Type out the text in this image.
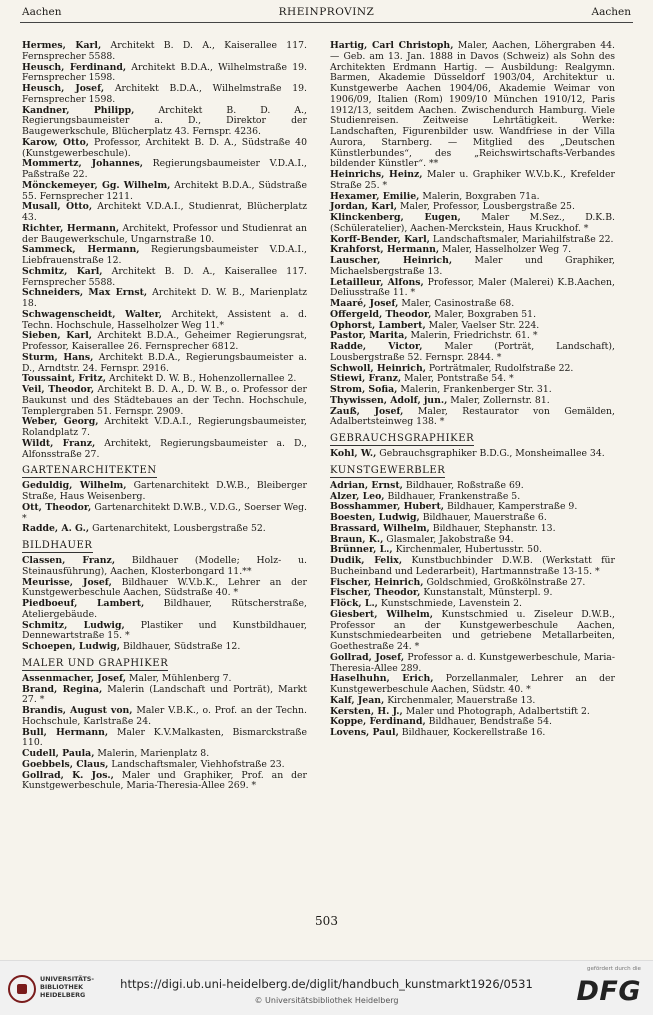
Aachen	RHEINPROVINZ	Aachen

Hermes, Karl, Architekt B. D. A., Kaiserallee 117. Fernsprecher 5588.

Heusch, Ferdinand, Architekt B.D.A., Wilhelmstraße 19. Fernsprecher 1598.

Heusch, Josef, Architekt B.D.A., Wilhelmstraße 19. Fernsprecher 1598.

Kandner, Philipp,	Architekt B. D. A., Regierungsbaumeister a. D., Direktor der Baugewerkschule, Blücherplatz 43. Fernspr. 4236.

Karow, Otto, Professor, Architekt B. D. A., Südstraße 40 (Kunstgewerbeschule).

Mommertz, Johannes, Regierungsbaumeister V.D.A.I., Paßstraße 22.

Mönckemeyer, Gg. Wilhelm, Architekt B.D.A., Südstraße 55. Fernsprecher 1211.

Musall, Otto, Architekt V.D.A.I., Studienrat, Blücherplatz 43.

Richter, Hermann, Architekt, Professor und Studienrat an der Baugewerkschule, Ungarnstraße 10.

Sammeck, Hermann, Regierungsbaumeister V.D.A.I., Liebfrauenstraße 12.

Schmitz, Karl, Architekt B. D. A., Kaiserallee 117. Fernsprecher 5588.

Schneiders, Max Ernst, Architekt D. W. B., Marienplatz 18.

Schwagenscheidt, Walter, Architekt, Assistent a. d. Techn. Hochschule, Hasselholzer Weg 11.*

Sieben, Karl, Architekt B.D.A., Geheimer Regierungsrat, Professor, Kaiserallee 26. Fernsprecher 6812.

Sturm, Hans, Architekt B.D.A., Regierungsbaumeister a. D., Arndtstr. 24. Fernspr. 2916.

Toussaint, Fritz, Architekt D. W. B., Hohenzollernallee 2.

Veil, Theodor, Architekt B. D. A., D. W. B., o. Professor der Baukunst und des Städtebaues an der Techn. Hochschule, Templergraben 51. Fernspr. 2909.

Weber, Georg, Architekt V.D.A.I., Regierungsbaumeister, Rolandplatz 7.

Wildt, Franz, Architekt, Regierungsbaumeister a. D., Alfonsstraße 27.

GARTENARCHITEKTEN

Geduldig, Wilhelm, Gartenarchitekt D.W.B., Bleiberger Straße, Haus Weisenberg.

Ott, Theodor, Gartenarchitekt D.W.B., V.D.G., Soerser Weg. *

Radde, A. G., Gartenarchitekt, Lousbergstraße 52.

BILDHAUER

Classen, Franz, Bildhauer (Modelle; Holz- u. Steinausführung), Aachen, Klosterbongard 11.**

Meurisse, Josef, Bildhauer W.V.b.K., Lehrer an der Kunstgewerbeschule Aachen, Südstraße 40. *

Piedboeuf, Lambert, Bildhauer, Rütscherstraße, Ateliergebäude.

Schmitz, Ludwig, Plastiker und Kunstbildhauer, Dennewartstraße 15. *

Schoepen, Ludwig, Bildhauer, Südstraße 12.

MALER UND GRAPHIKER

Assenmacher, Josef, Maler, Mühlenberg 7.

Brand, Regina, Malerin (Landschaft und Porträt), Markt 27. *

Brandis, August von, Maler V.B.K., o. Prof. an der Techn. Hochschule, Karlstraße 24.

Bull, Hermann, Maler K.V.Malkasten, Bismarckstraße 110.

Cudell, Paula, Malerin, Marienplatz 8.

Goebbels, Claus, Landschaftsmaler, Viehhofstraße 23.

Gollrad, K. Jos., Maler und Graphiker, Prof. an der Kunstgewerbeschule, Maria-Theresia-Allee 269. *

Hartig, Carl Christoph, Maler, Aachen, Löhergraben 44. — Geb. am 13. Jan. 1888 in Davos (Schweiz) als Sohn des Architekten Erdmann Hartig. — Ausbildung: Realgymn. Barmen, Akademie Düsseldorf 1903/04, Architektur u. Kunstgewerbe Aachen 1904/06, Akademie Weimar von 1906/09, Italien (Rom) 1909/10 München 1910/12, Paris 1912/13, seitdem Aachen. Zwischendurch Hamburg. Viele Studienreisen. Zeitweise Lehrtätigkeit. Werke: Landschaften, Figurenbilder usw. Wandfriese in der Villa Aurora, Starnberg. — Mitglied des „Deutschen Künstlerbundes“, des „Reichswirtschafts-Verbandes bildender Künstler“. **

Heinrichs, Heinz, Maler u. Graphiker W.V.b.K., Krefelder Straße 25. *

Hexamer, Emilie, Malerin, Boxgraben 71a.

Jordan, Karl, Maler, Professor, Lousbergstraße 25.

Klinckenberg, Eugen, Maler M.Sez., D.K.B. (Schüleratelier), Aachen-Merckstein, Haus Kruckhof. *

Korff-Bender, Karl, Landschaftsmaler, Mariahilfstraße 22.

Krahforst, Hermann, Maler, Hasselholzer Weg 7.

Lauscher, Heinrich, Maler und Graphiker, Michaelsbergstraße 13.

Letailleur, Alfons, Professor, Maler (Malerei) K.B.Aachen, Deliusstraße 11. *

Maaré, Josef, Maler, Casinostraße 68.

Offergeld, Theodor, Maler, Boxgraben 51.

Ophorst, Lambert, Maler, Vaelser Str. 224.

Pastor, Marita, Malerin, Friedrichstr. 61. *

Radde, Victor, Maler (Porträt, Landschaft), Lousbergstraße 52. Fernspr. 2844. *

Schwoll, Heinrich, Porträtmaler, Rudolfstraße 22.

Stiewi, Franz, Maler, Pontstraße 54. *

Strom, Sofia, Malerin, Frankenberger Str. 31.

Thywissen, Adolf, jun., Maler, Zollernstr. 81.

Zauß, Josef, Maler, Restaurator von Gemälden, Adalbertsteinweg 138. *

GEBRAUCHSGRAPHIKER

Kohl, W., Gebrauchsgraphiker B.D.G., Monsheimallee 34.

KUNSTGEWERBLER

Adrian, Ernst, Bildhauer, Roßstraße 69.

Alzer, Leo, Bildhauer, Frankenstraße 5.

Bosshammer, Hubert, Bildhauer, Kamperstraße 9.

Boesten, Ludwig, Bildhauer, Mauerstraße 6.

Brassard, Wilhelm, Bildhauer, Stephanstr. 13.

Braun, K., Glasmaler, Jakobstraße 94.

Brünner, L., Kirchenmaler, Hubertusstr. 50.

Dudik, Felix, Kunstbuchbinder D.W.B. (Werkstatt für Bucheinband und Lederarbeit), Hartmannstraße 13-15. *

Fischer, Heinrich, Goldschmied, Großkölnstraße 27.

Fischer, Theodor, Kunstanstalt, Münsterpl. 9.

Flöck, L., Kunstschmiede, Lavenstein 2.

Giesbert, Wilhelm, Kunstschmied u. Ziseleur D.W.B., Professor an der Kunstgewerbeschule Aachen, Kunstschmiedearbeiten und getriebene Metallarbeiten, Goethestraße 24. *

Gollrad, Josef, Professor a. d. Kunstgewerbeschule, Maria-Theresia-Allee 289.

Haselhuhn, Erich, Porzellanmaler, Lehrer an der Kunstgewerbeschule Aachen, Südstr. 40. *

Kalf, Jean, Kirchenmaler, Mauerstraße 13.

Kersten, H. J., Maler und Photograph, Adalbertstift 2.

Koppe, Ferdinand, Bildhauer, Bendstraße 54.

Lovens, Paul, Bildhauer, Kockerellstraße 16.

503
UNIVERSITÄTS-
BIBLIOTHEK
HEIDELBERG
https://digi.ub.uni-heidelberg.de/diglit/handbuch_kunstmarkt1926/0531
© Universitätsbibliothek Heidelberg
gefördert durch die
DFG
